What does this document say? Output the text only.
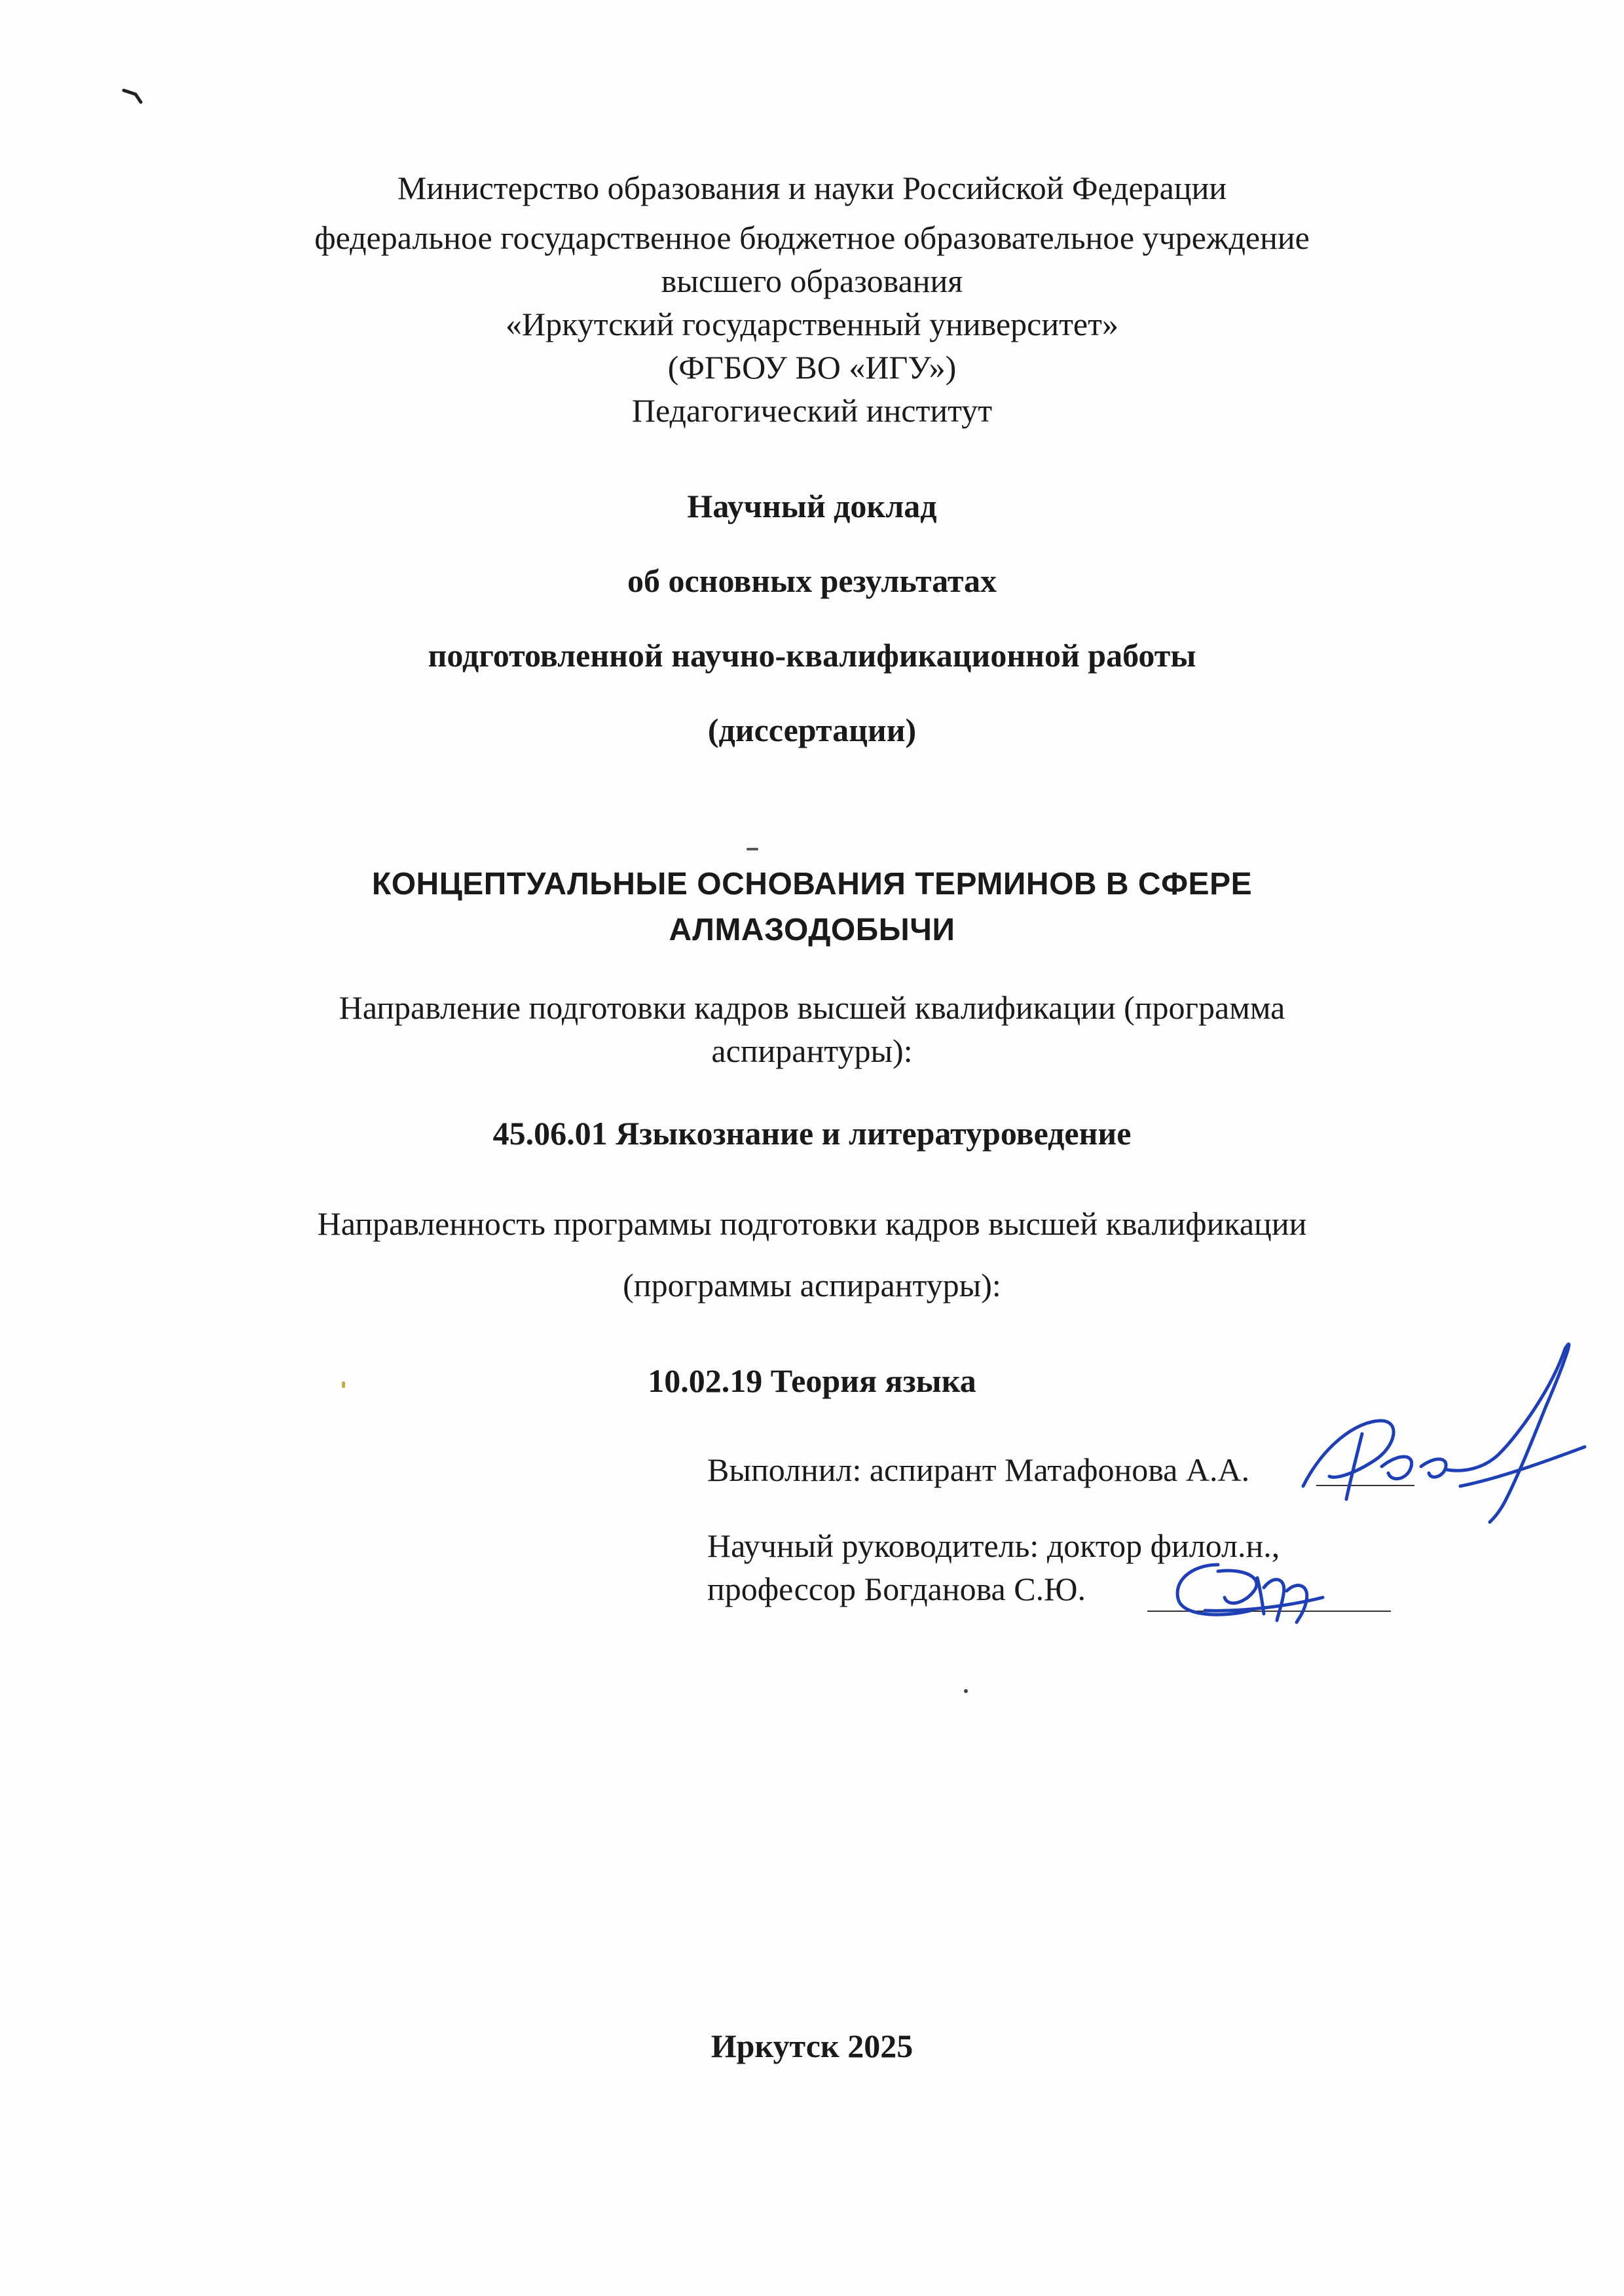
Министерство образования и науки Российской Федерации
федеральное государственное бюджетное образовательное учреждение
высшего образования
«Иркутский государственный университет»
(ФГБОУ ВО «ИГУ»)
Педагогический институт
Научный доклад
об основных результатах
подготовленной научно-квалификационной работы
(диссертации)
КОНЦЕПТУАЛЬНЫЕ ОСНОВАНИЯ ТЕРМИНОВ В СФЕРЕ
АЛМАЗОДОБЫЧИ
Направление подготовки кадров высшей квалификации (программа
аспирантуры):
45.06.01 Языкознание и литературоведение
Направленность программы подготовки кадров высшей квалификации
(программы аспирантуры):
10.02.19 Теория языка
Выполнил: аспирант Матафонова А.А.
Научный руководитель: доктор филол.н.,
профессор Богданова С.Ю.
Иркутск 2025
